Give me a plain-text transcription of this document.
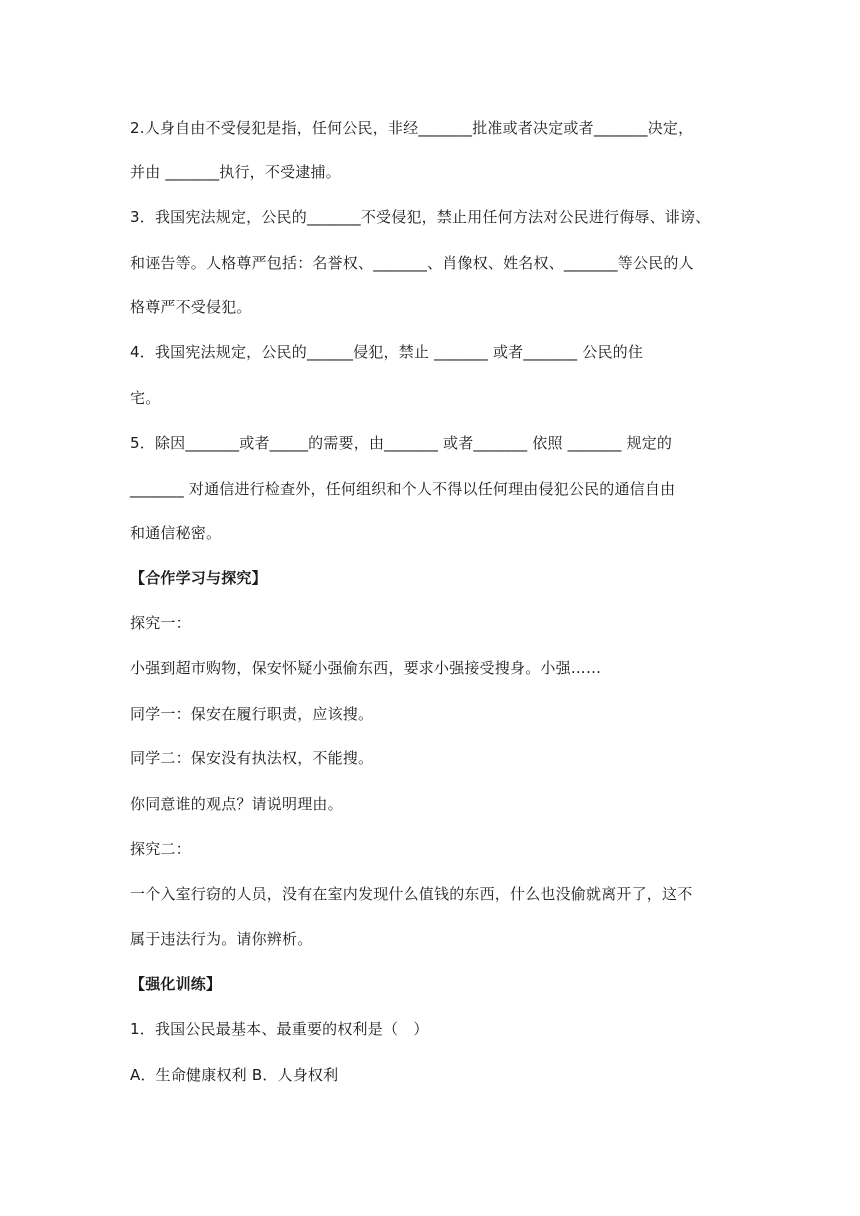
2.人身自由不受侵犯是指，任何公民，非经_______批准或者决定或者_______决定，
并由 _______执行，不受逮捕。
3．我国宪法规定，公民的_______不受侵犯，禁止用任何方法对公民进行侮辱、诽谤、
和诬告等。人格尊严包括：名誉权、_______、肖像权、姓名权、_______等公民的人
格尊严不受侵犯。
4．我国宪法规定，公民的______侵犯，禁止 _______ 或者_______ 公民的住
宅。
5．除因_______或者_____的需要，由_______ 或者_______ 依照 _______ 规定的
_______ 对通信进行检查外，任何组织和个人不得以任何理由侵犯公民的通信自由
和通信秘密。
【合作学习与探究】
探究一：
小强到超市购物，保安怀疑小强偷东西，要求小强接受搜身。小强……
同学一：保安在履行职责，应该搜。
同学二：保安没有执法权，不能搜。
你同意谁的观点？请说明理由。
探究二：
一个入室行窃的人员，没有在室内发现什么值钱的东西，什么也没偷就离开了，这不
属于违法行为。请你辨析。
【强化训练】
1．我国公民最基本、最重要的权利是（　）
A．生命健康权利 B．人身权利
